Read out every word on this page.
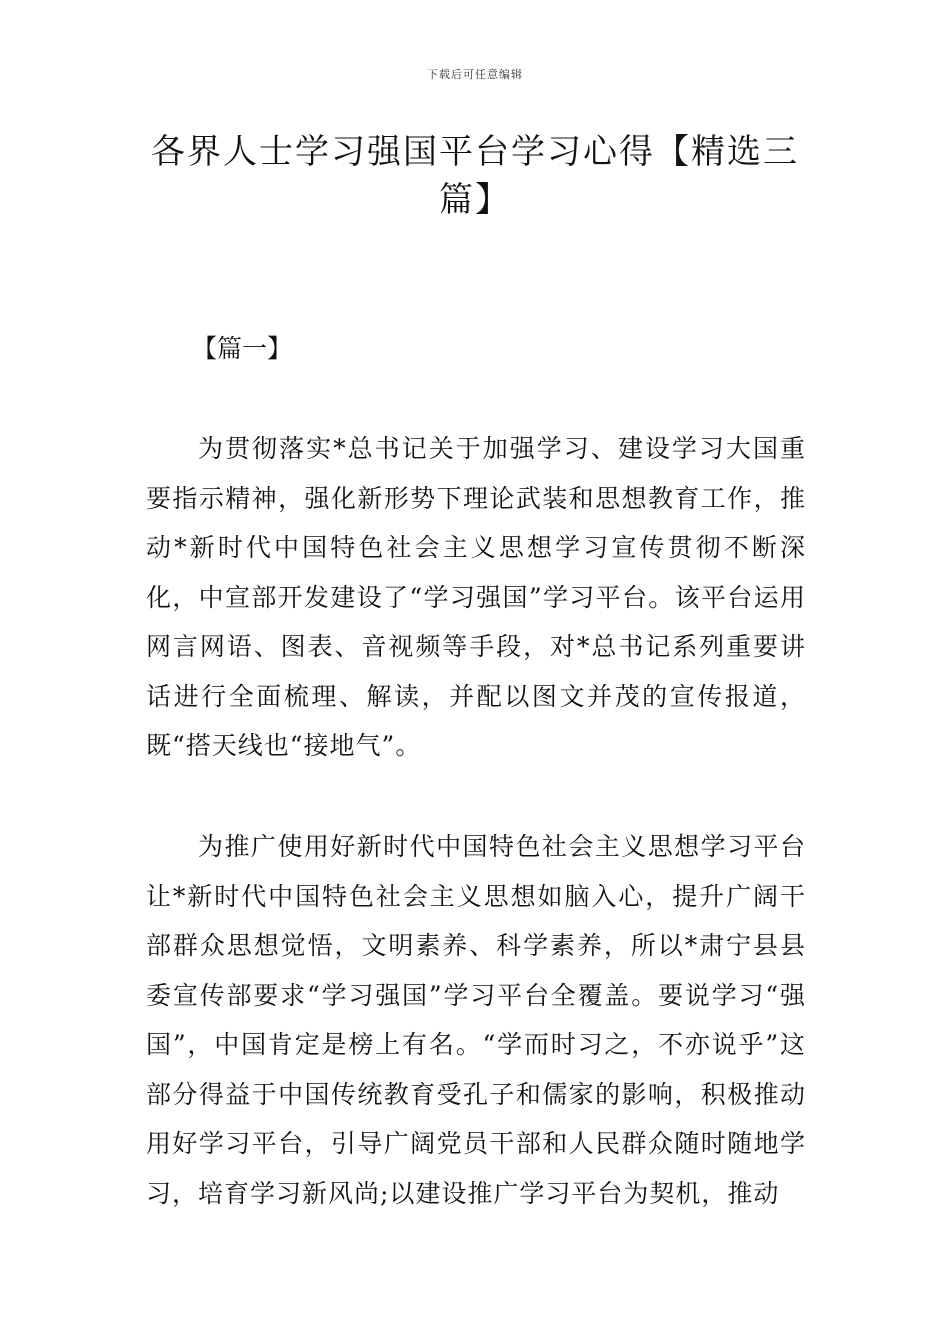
下载后可任意编辑
各界人士学习强国平台学习心得【精选三篇】
【篇一】

为贯彻落实*总书记关于加强学习、建设学习大国重要指示精神，强化新形势下理论武装和思想教育工作，推动*新时代中国特色社会主义思想学习宣传贯彻不断深化，中宣部开发建设了“学习强国”学习平台。该平台运用网言网语、图表、音视频等手段，对*总书记系列重要讲话进行全面梳理、解读，并配以图文并茂的宣传报道，既“搭天线也“接地气”。

为推广使用好新时代中国特色社会主义思想学习平台让*新时代中国特色社会主义思想如脑入心，提升广阔干部群众思想觉悟，文明素养、科学素养，所以*肃宁县县委宣传部要求“学习强国”学习平台全覆盖。要说学习“强国”，中国肯定是榜上有名。“学而时习之，不亦说乎”这部分得益于中国传统教育受孔子和儒家的影响，积极推动用好学习平台，引导广阔党员干部和人民群众随时随地学习，培育学习新风尚;以建设推广学习平台为契机，推动
